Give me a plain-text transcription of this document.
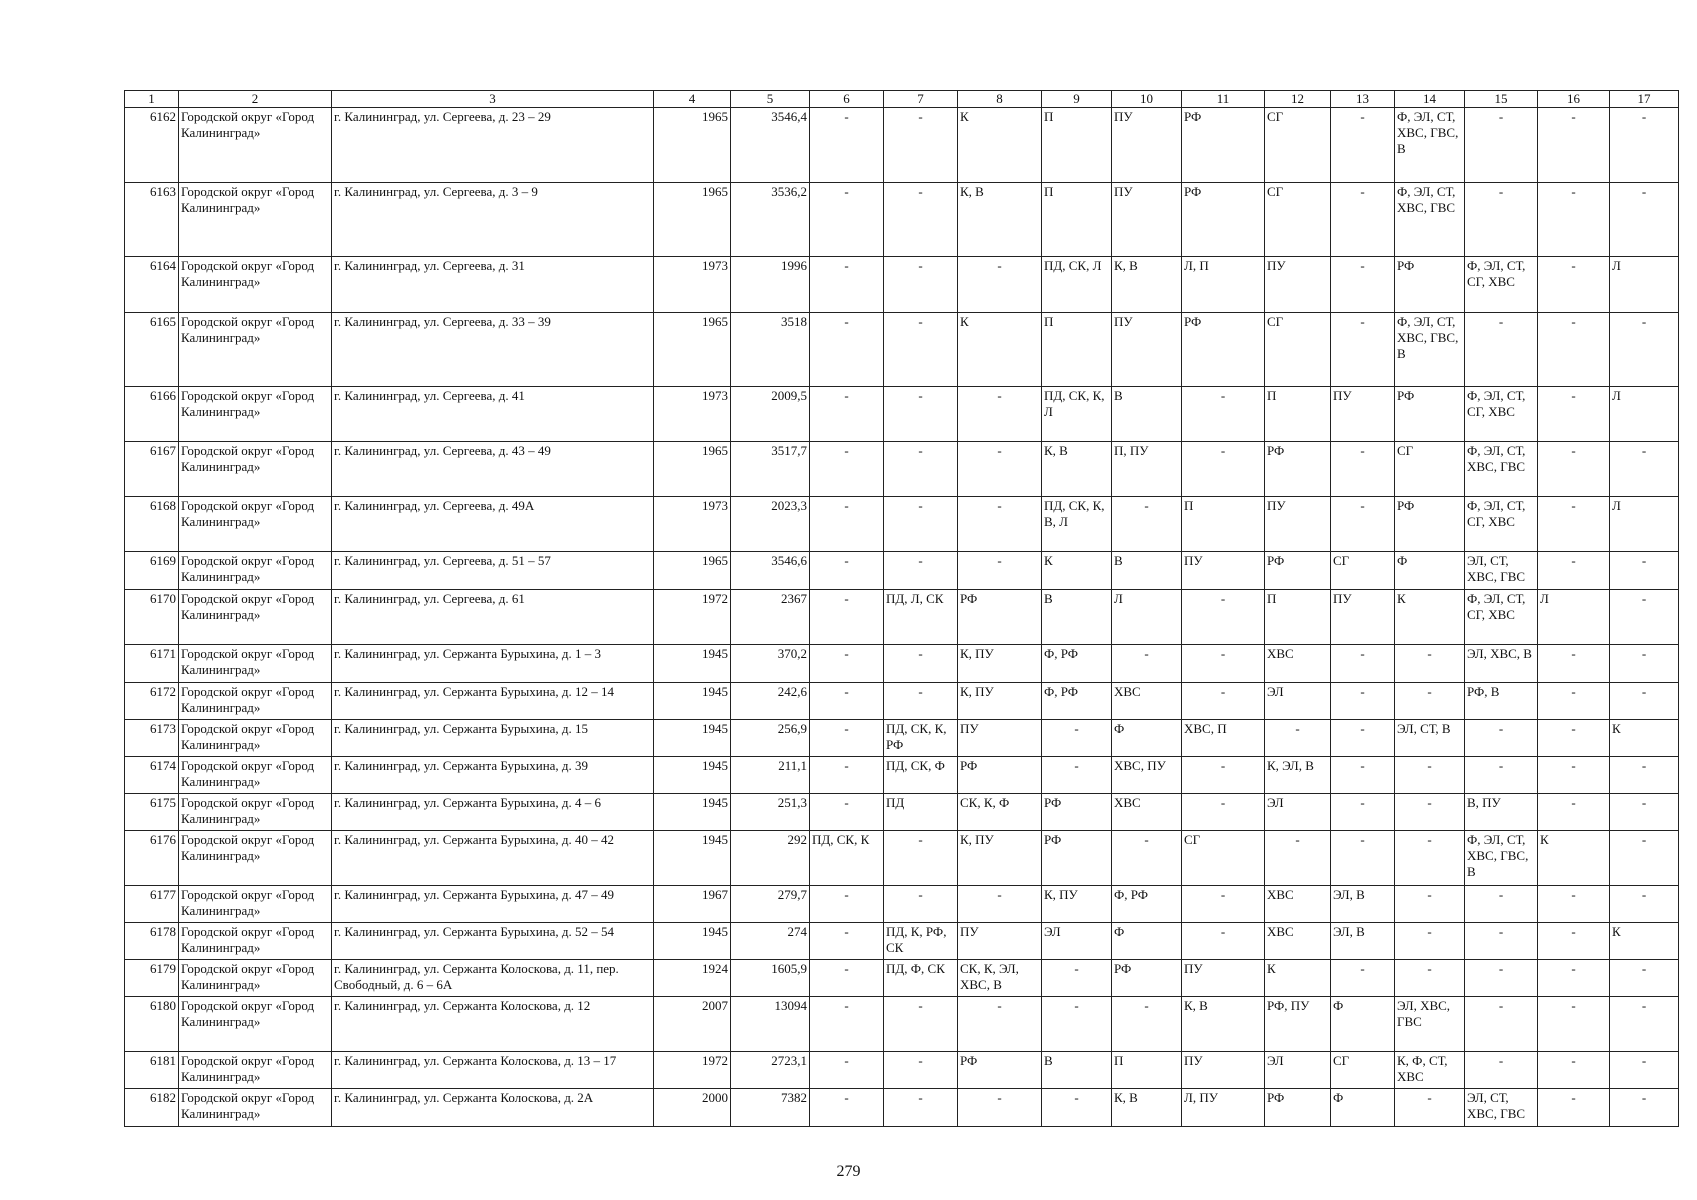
1	2	3	4	5	6	7	8	9	10	11	12	13	14	15	16	17
6162	Городской округ «Город Калининград»	г. Калининград, ул. Сергеева, д. 23 – 29	1965	3546,4	-	-	К	П	ПУ	РФ	СГ	-	Ф, ЭЛ, СТ, ХВС, ГВС, В	-	-	-
6163	Городской округ «Город Калининград»	г. Калининград, ул. Сергеева, д. 3 – 9	1965	3536,2	-	-	К, В	П	ПУ	РФ	СГ	-	Ф, ЭЛ, СТ, ХВС, ГВС	-	-	-
6164	Городской округ «Город Калининград»	г. Калининград, ул. Сергеева, д. 31	1973	1996	-	-	-	ПД, СК, Л	К, В	Л, П	ПУ	-	РФ	Ф, ЭЛ, СТ, СГ, ХВС	-	Л
6165	Городской округ «Город Калининград»	г. Калининград, ул. Сергеева, д. 33 – 39	1965	3518	-	-	К	П	ПУ	РФ	СГ	-	Ф, ЭЛ, СТ, ХВС, ГВС, В	-	-	-
6166	Городской округ «Город Калининград»	г. Калининград, ул. Сергеева, д. 41	1973	2009,5	-	-	-	ПД, СК, К, Л	В	-	П	ПУ	РФ	Ф, ЭЛ, СТ, СГ, ХВС	-	Л
6167	Городской округ «Город Калининград»	г. Калининград, ул. Сергеева, д. 43 – 49	1965	3517,7	-	-	-	К, В	П, ПУ	-	РФ	-	СГ	Ф, ЭЛ, СТ, ХВС, ГВС	-	-
6168	Городской округ «Город Калининград»	г. Калининград, ул. Сергеева, д. 49А	1973	2023,3	-	-	-	ПД, СК, К, В, Л	-	П	ПУ	-	РФ	Ф, ЭЛ, СТ, СГ, ХВС	-	Л
6169	Городской округ «Город Калининград»	г. Калининград, ул. Сергеева, д. 51 – 57	1965	3546,6	-	-	-	К	В	ПУ	РФ	СГ	Ф	ЭЛ, СТ, ХВС, ГВС	-	-
6170	Городской округ «Город Калининград»	г. Калининград, ул. Сергеева, д. 61	1972	2367	-	ПД, Л, СК	РФ	В	Л	-	П	ПУ	К	Ф, ЭЛ, СТ, СГ, ХВС	Л	-
6171	Городской округ «Город Калининград»	г. Калининград, ул. Сержанта Бурыхина, д. 1 – 3	1945	370,2	-	-	К, ПУ	Ф, РФ	-	-	ХВС	-	-	ЭЛ, ХВС, В	-	-
6172	Городской округ «Город Калининград»	г. Калининград, ул. Сержанта Бурыхина, д. 12 – 14	1945	242,6	-	-	К, ПУ	Ф, РФ	ХВС	-	ЭЛ	-	-	РФ, В	-	-
6173	Городской округ «Город Калининград»	г. Калининград, ул. Сержанта Бурыхина, д. 15	1945	256,9	-	ПД, СК, К, РФ	ПУ	-	Ф	ХВС, П	-	-	ЭЛ, СТ, В	-	-	К
6174	Городской округ «Город Калининград»	г. Калининград, ул. Сержанта Бурыхина, д. 39	1945	211,1	-	ПД, СК, Ф	РФ	-	ХВС, ПУ	-	К, ЭЛ, В	-	-	-	-	-
6175	Городской округ «Город Калининград»	г. Калининград, ул. Сержанта Бурыхина, д. 4 – 6	1945	251,3	-	ПД	СК, К, Ф	РФ	ХВС	-	ЭЛ	-	-	В, ПУ	-	-
6176	Городской округ «Город Калининград»	г. Калининград, ул. Сержанта Бурыхина, д. 40 – 42	1945	292	ПД, СК, К	-	К, ПУ	РФ	-	СГ	-	-	-	Ф, ЭЛ, СТ, ХВС, ГВС, В	К	-
6177	Городской округ «Город Калининград»	г. Калининград, ул. Сержанта Бурыхина, д. 47 – 49	1967	279,7	-	-	-	К, ПУ	Ф, РФ	-	ХВС	ЭЛ, В	-	-	-	-
6178	Городской округ «Город Калининград»	г. Калининград, ул. Сержанта Бурыхина, д. 52 – 54	1945	274	-	ПД, К, РФ, СК	ПУ	ЭЛ	Ф	-	ХВС	ЭЛ, В	-	-	-	К
6179	Городской округ «Город Калининград»	г. Калининград, ул. Сержанта Колоскова, д. 11, пер. Свободный, д. 6 – 6А	1924	1605,9	-	ПД, Ф, СК	СК, К, ЭЛ, ХВС, В	-	РФ	ПУ	К	-	-	-	-	-
6180	Городской округ «Город Калининград»	г. Калининград, ул. Сержанта Колоскова, д. 12	2007	13094	-	-	-	-	-	К, В	РФ, ПУ	Ф	ЭЛ, ХВС, ГВС	-	-	-
6181	Городской округ «Город Калининград»	г. Калининград, ул. Сержанта Колоскова, д. 13 – 17	1972	2723,1	-	-	РФ	В	П	ПУ	ЭЛ	СГ	К, Ф, СТ, ХВС	-	-	-
6182	Городской округ «Город Калининград»	г. Калининград, ул. Сержанта Колоскова, д. 2А	2000	7382	-	-	-	-	К, В	Л, ПУ	РФ	Ф	-	ЭЛ, СТ, ХВС, ГВС	-	-
279
